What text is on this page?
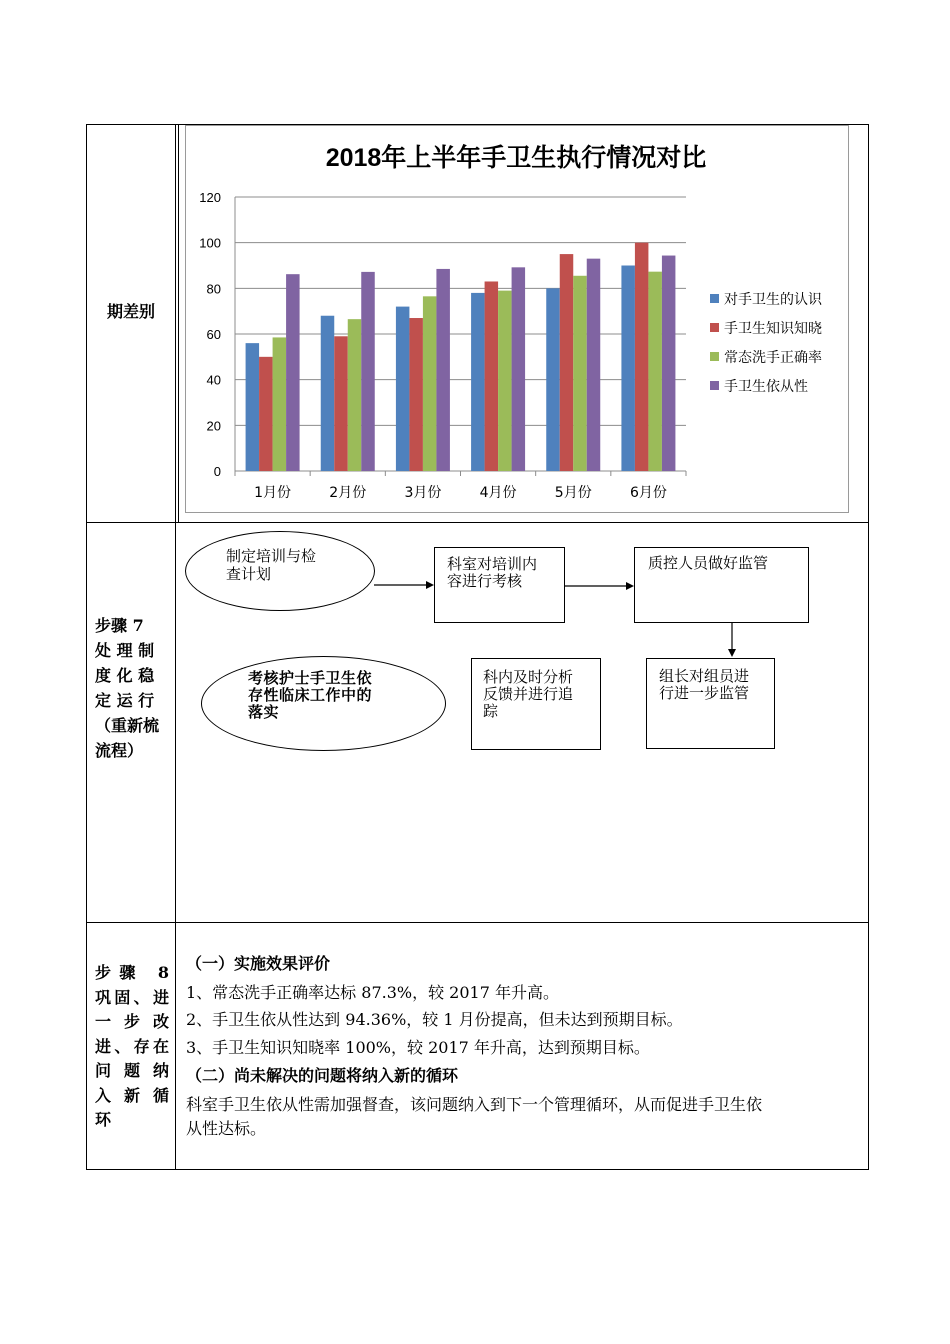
期差别
2018年上半年手卫生执行情况对比
0
20
40
60
80
100
120
1月份	2月份	3月份	4月份	5月份	6月份
对手卫生的认识
手卫生知识知晓
常态洗手正确率
手卫生依从性
步骤 7
处 理 制
度 化 稳
定 运 行
（重新梳
流程）
制定培训与检
查计划
科室对培训内
容进行考核
质控人员做好监管
组长对组员进
行进一步监管
科内及时分析
反馈并进行追
踪
考核护士手卫生依
存性临床工作中的
落实
步骤 8
巩固、进
一 步 改
进、存在
问 题 纳
入 新 循
环
（一）实施效果评价
1、常态洗手正确率达标 87.3%，较 2017 年升高。
2、手卫生依从性达到 94.36%，较 1 月份提高，但未达到预期目标。
3、手卫生知识知晓率 100%，较 2017 年升高，达到预期目标。
（二）尚未解决的问题将纳入新的循环
科室手卫生依从性需加强督查，该问题纳入到下一个管理循环，从而促进手卫生依
从性达标。
